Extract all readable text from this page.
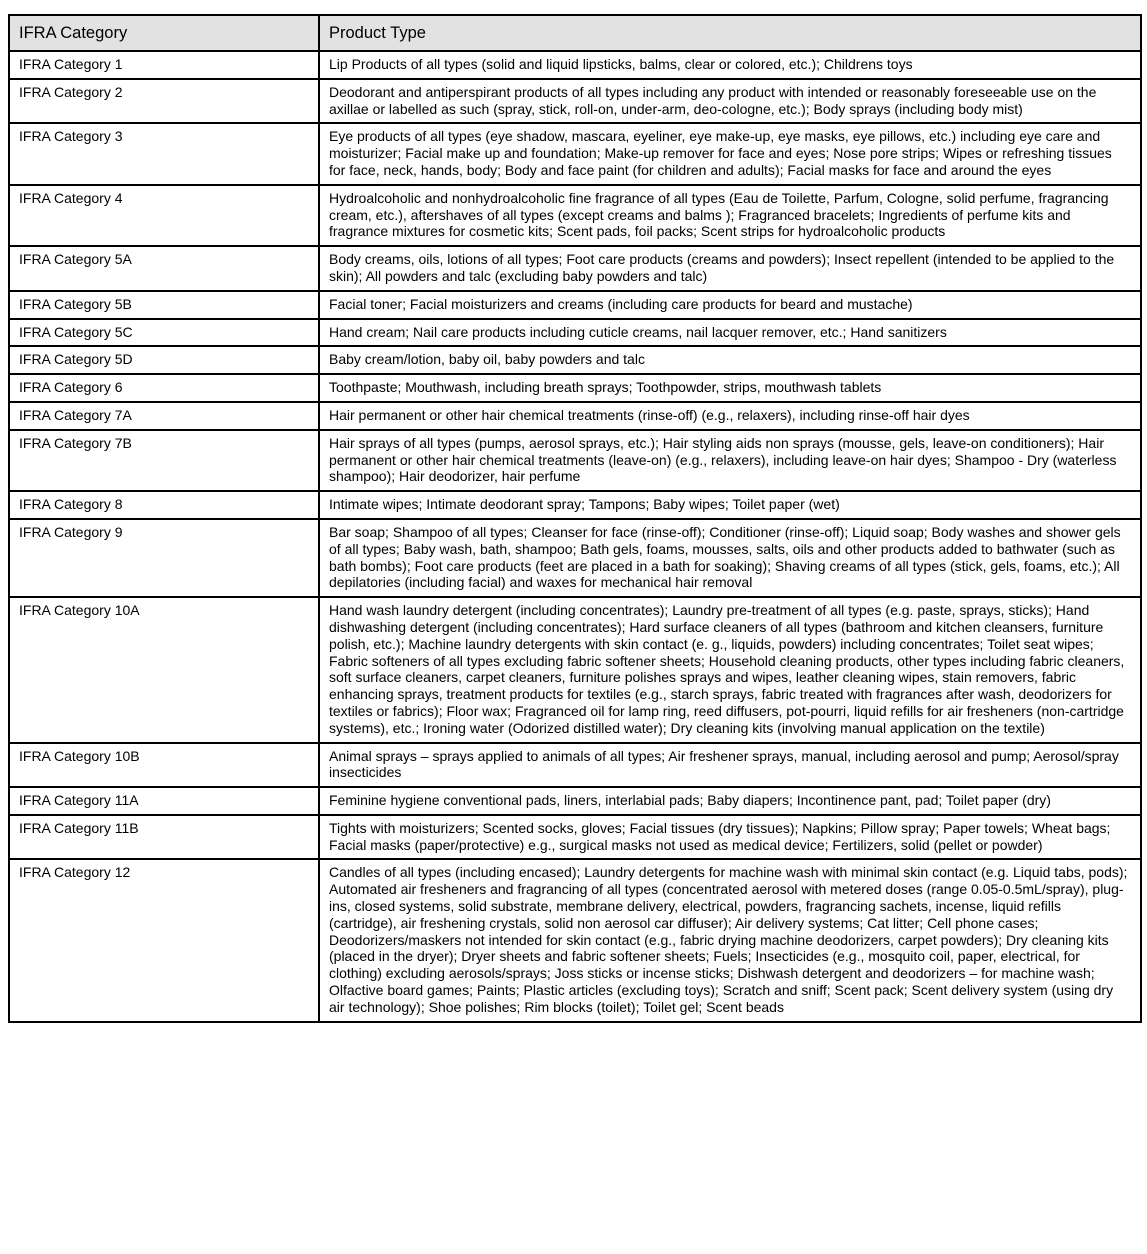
IFRA Category	Product Type
IFRA Category 1	Lip Products of all types (solid and liquid lipsticks, balms, clear or colored, etc.); Childrens toys
IFRA Category 2	Deodorant and antiperspirant products of all types including any product with intended or reasonably foreseeable use on the axillae or labelled as such (spray, stick, roll-on, under-arm, deo-cologne, etc.); Body sprays (including body mist)
IFRA Category 3	Eye products of all types (eye shadow, mascara, eyeliner, eye make-up, eye masks, eye pillows, etc.) including eye care and moisturizer; Facial make up and foundation; Make-up remover for face and eyes; Nose pore strips; Wipes or refreshing tissues for face, neck, hands, body; Body and face paint (for children and adults); Facial masks for face and around the eyes
IFRA Category 4	Hydroalcoholic and nonhydroalcoholic fine fragrance of all types (Eau de Toilette, Parfum, Cologne, solid perfume, fragrancing cream, etc.), aftershaves of all types (except creams and balms ); Fragranced bracelets; Ingredients of perfume kits and fragrance mixtures for cosmetic kits; Scent pads, foil packs; Scent strips for hydroalcoholic products
IFRA Category 5A	Body creams, oils, lotions of all types; Foot care products (creams and powders); Insect repellent (intended to be applied to the skin); All powders and talc (excluding baby powders and talc)
IFRA Category 5B	Facial toner; Facial moisturizers and creams (including care products for beard and mustache)
IFRA Category 5C	Hand cream; Nail care products including cuticle creams, nail lacquer remover, etc.; Hand sanitizers
IFRA Category 5D	Baby cream/lotion, baby oil, baby powders and talc
IFRA Category 6	Toothpaste; Mouthwash, including breath sprays; Toothpowder, strips, mouthwash tablets
IFRA Category 7A	Hair permanent or other hair chemical treatments (rinse-off) (e.g., relaxers), including rinse-off hair dyes
IFRA Category 7B	Hair sprays of all types (pumps, aerosol sprays, etc.); Hair styling aids non sprays (mousse, gels, leave-on conditioners); Hair permanent or other hair chemical treatments (leave-on) (e.g., relaxers), including leave-on hair dyes; Shampoo - Dry (waterless shampoo); Hair deodorizer, hair perfume
IFRA Category 8	Intimate wipes; Intimate deodorant spray; Tampons; Baby wipes; Toilet paper (wet)
IFRA Category 9	Bar soap; Shampoo of all types; Cleanser for face (rinse-off); Conditioner (rinse-off); Liquid soap; Body washes and shower gels of all types; Baby wash, bath, shampoo; Bath gels, foams, mousses, salts, oils and other products added to bathwater (such as bath bombs); Foot care products (feet are placed in a bath for soaking); Shaving creams of all types (stick, gels, foams, etc.); All depilatories (including facial) and waxes for mechanical hair removal
IFRA Category 10A	Hand wash laundry detergent (including concentrates); Laundry pre-treatment of all types (e.g. paste, sprays, sticks); Hand dishwashing detergent (including concentrates); Hard surface cleaners of all types (bathroom and kitchen cleansers, furniture polish, etc.); Machine laundry detergents with skin contact (e. g., liquids, powders) including concentrates; Toilet seat wipes; Fabric softeners of all types excluding fabric softener sheets; Household cleaning products, other types including fabric cleaners, soft surface cleaners, carpet cleaners, furniture polishes sprays and wipes, leather cleaning wipes, stain removers, fabric enhancing sprays, treatment products for textiles (e.g., starch sprays, fabric treated with fragrances after wash, deodorizers for textiles or fabrics); Floor wax; Fragranced oil for lamp ring, reed diffusers, pot-pourri, liquid refills for air fresheners (non-cartridge systems), etc.; Ironing water (Odorized distilled water); Dry cleaning kits (involving manual application on the textile)
IFRA Category 10B	Animal sprays – sprays applied to animals of all types; Air freshener sprays, manual, including aerosol and pump; Aerosol/spray insecticides
IFRA Category 11A	Feminine hygiene conventional pads, liners, interlabial pads; Baby diapers; Incontinence pant, pad; Toilet paper (dry)
IFRA Category 11B	Tights with moisturizers; Scented socks, gloves; Facial tissues (dry tissues); Napkins; Pillow spray; Paper towels; Wheat bags; Facial masks (paper/protective) e.g., surgical masks not used as medical device; Fertilizers, solid (pellet or powder)
IFRA Category 12	Candles of all types (including encased); Laundry detergents for machine wash with minimal skin contact (e.g. Liquid tabs, pods); Automated air fresheners and fragrancing of all types (concentrated aerosol with metered doses (range 0.05-0.5mL/spray), plug-ins, closed systems, solid substrate, membrane delivery, electrical, powders, fragrancing sachets, incense, liquid refills (cartridge), air freshening crystals, solid non aerosol car diffuser); Air delivery systems; Cat litter; Cell phone cases; Deodorizers/maskers not intended for skin contact (e.g., fabric drying machine deodorizers, carpet powders); Dry cleaning kits (placed in the dryer); Dryer sheets and fabric softener sheets; Fuels; Insecticides (e.g., mosquito coil, paper, electrical, for clothing) excluding aerosols/sprays; Joss sticks or incense sticks; Dishwash detergent and deodorizers – for machine wash; Olfactive board games; Paints; Plastic articles (excluding toys); Scratch and sniff; Scent pack; Scent delivery system (using dry air technology); Shoe polishes; Rim blocks (toilet); Toilet gel; Scent beads
